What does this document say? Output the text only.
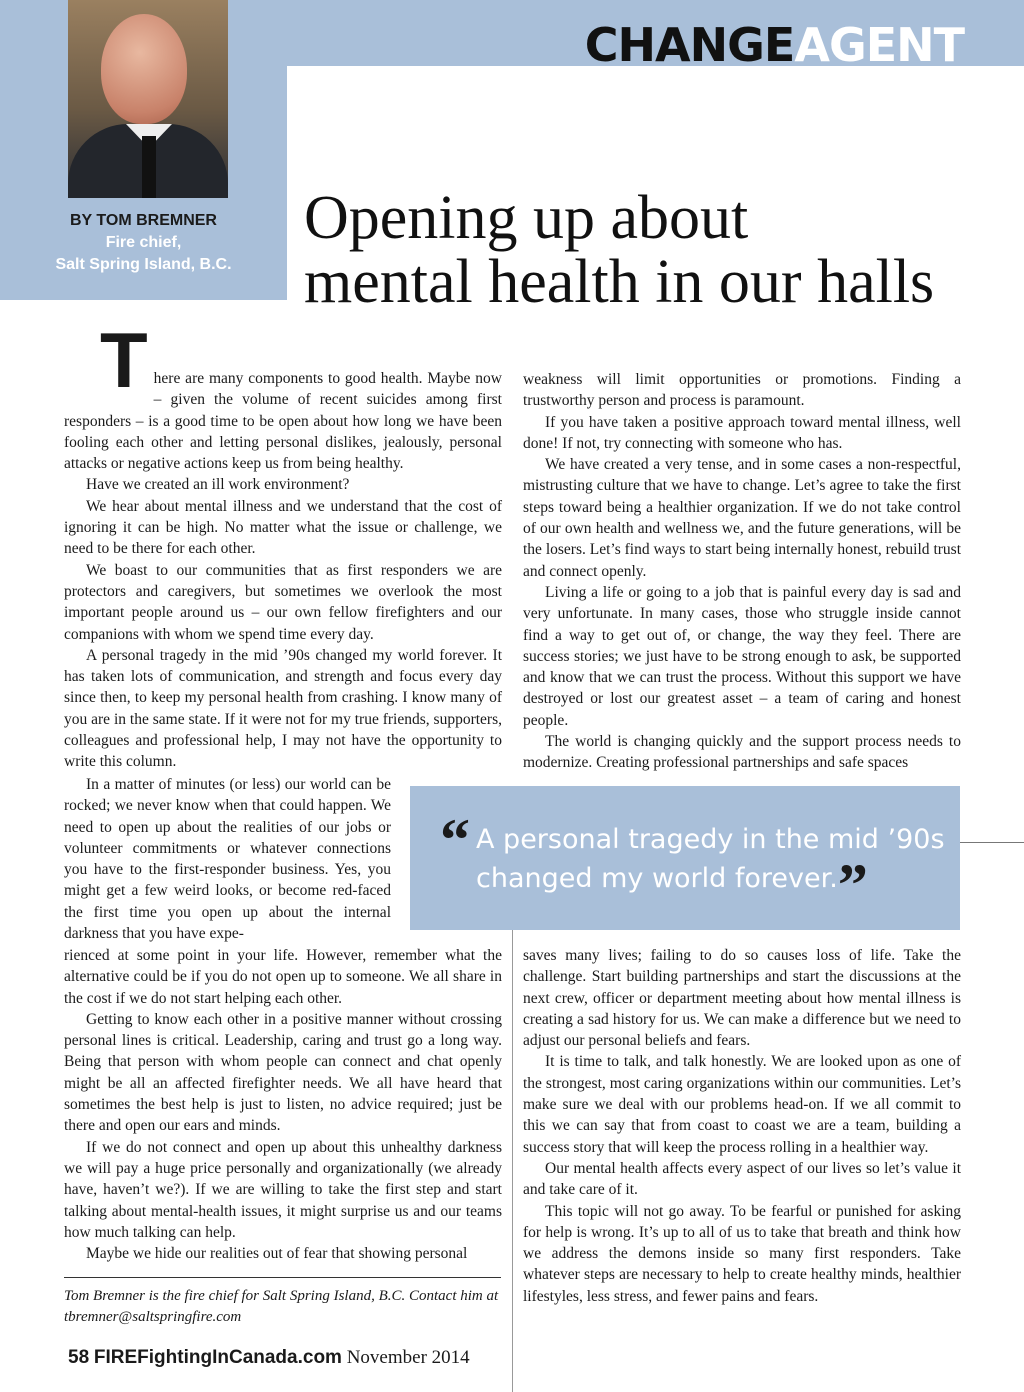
BY TOM BREMNER
Fire chief,
Salt Spring Island, B.C.
CHANGEAGENT
Opening up about
mental health in our halls

T here are many components to good health. Maybe now – given the volume of recent suicides among first responders – is a good time to be open about how long we have been fooling each other and letting personal dislikes, jealously, personal attacks or negative actions keep us from being healthy.

Have we created an ill work environment?

We hear about mental illness and we understand that the cost of ignoring it can be high. No matter what the issue or challenge, we need to be there for each other.

We boast to our communities that as first responders we are protectors and caregivers, but sometimes we overlook the most important people around us – our own fellow firefighters and our companions with whom we spend time every day.

A personal tragedy in the mid ’90s changed my world forever. It has taken lots of communication, and strength and focus every day since then, to keep my personal health from crashing. I know many of you are in the same state. If it were not for my true friends, supporters, colleagues and professional help, I may not have the opportunity to write this column.

In a matter of minutes (or less) our world can be rocked; we never know when that could happen. We need to open up about the realities of our jobs or volunteer commitments or whatever connections you have to the first-responder business. Yes, you might get a few weird looks, or become red-faced the first time you open up about the internal darkness that you have expe-

rienced at some point in your life. However, remember what the alternative could be if you do not open up to someone. We all share in the cost if we do not start helping each other.

Getting to know each other in a positive manner without crossing personal lines is critical. Leadership, caring and trust go a long way. Being that person with whom people can connect and chat openly might be all an affected firefighter needs. We all have heard that sometimes the best help is just to listen, no advice required; just be there and open our ears and minds.

If we do not connect and open up about this unhealthy darkness we will pay a huge price personally and organizationally (we already have, haven’t we?). If we are willing to take the first step and start talking about mental-health issues, it might surprise us and our teams how much talking can help.

Maybe we hide our realities out of fear that showing personal

weakness will limit opportunities or promotions. Finding a trustworthy person and process is paramount.

If you have taken a positive approach toward mental illness, well done! If not, try connecting with someone who has.

We have created a very tense, and in some cases a non-respectful, mistrusting culture that we have to change. Let’s agree to take the first steps toward being a healthier organization. If we do not take control of our own health and wellness we, and the future generations, will be the losers. Let’s find ways to start being internally honest, rebuild trust and connect openly.

Living a life or going to a job that is painful every day is sad and very unfortunate. In many cases, those who struggle inside cannot find a way to get out of, or change, the way they feel. There are success stories; we just have to be strong enough to ask, be supported and know that we can trust the process. Without this support we have destroyed or lost our greatest asset – a team of caring and honest people.

The world is changing quickly and the support process needs to modernize. Creating professional partnerships and safe spaces

“ A personal tragedy in the mid ’90s changed my world forever.”

saves many lives; failing to do so causes loss of life. Take the challenge. Start building partnerships and start the discussions at the next crew, officer or department meeting about how mental illness is creating a sad history for us. We can make a difference but we need to adjust our personal beliefs and fears.

It is time to talk, and talk honestly. We are looked upon as one of the strongest, most caring organizations within our communities. Let’s make sure we deal with our problems head-on. If we all commit to this we can say that from coast to coast we are a team, building a success story that will keep the process rolling in a healthier way.

Our mental health affects every aspect of our lives so let’s value it and take care of it.

This topic will not go away. To be fearful or punished for asking for help is wrong. It’s up to all of us to take that breath and think how we address the demons inside so many first responders. Take whatever steps are necessary to help to create healthy minds, healthier lifestyles, less stress, and fewer pains and fears.

Tom Bremner is the fire chief for Salt Spring Island, B.C. Contact him at tbremner@saltspringfire.com
58 FIREFightingInCanada.com November 2014
